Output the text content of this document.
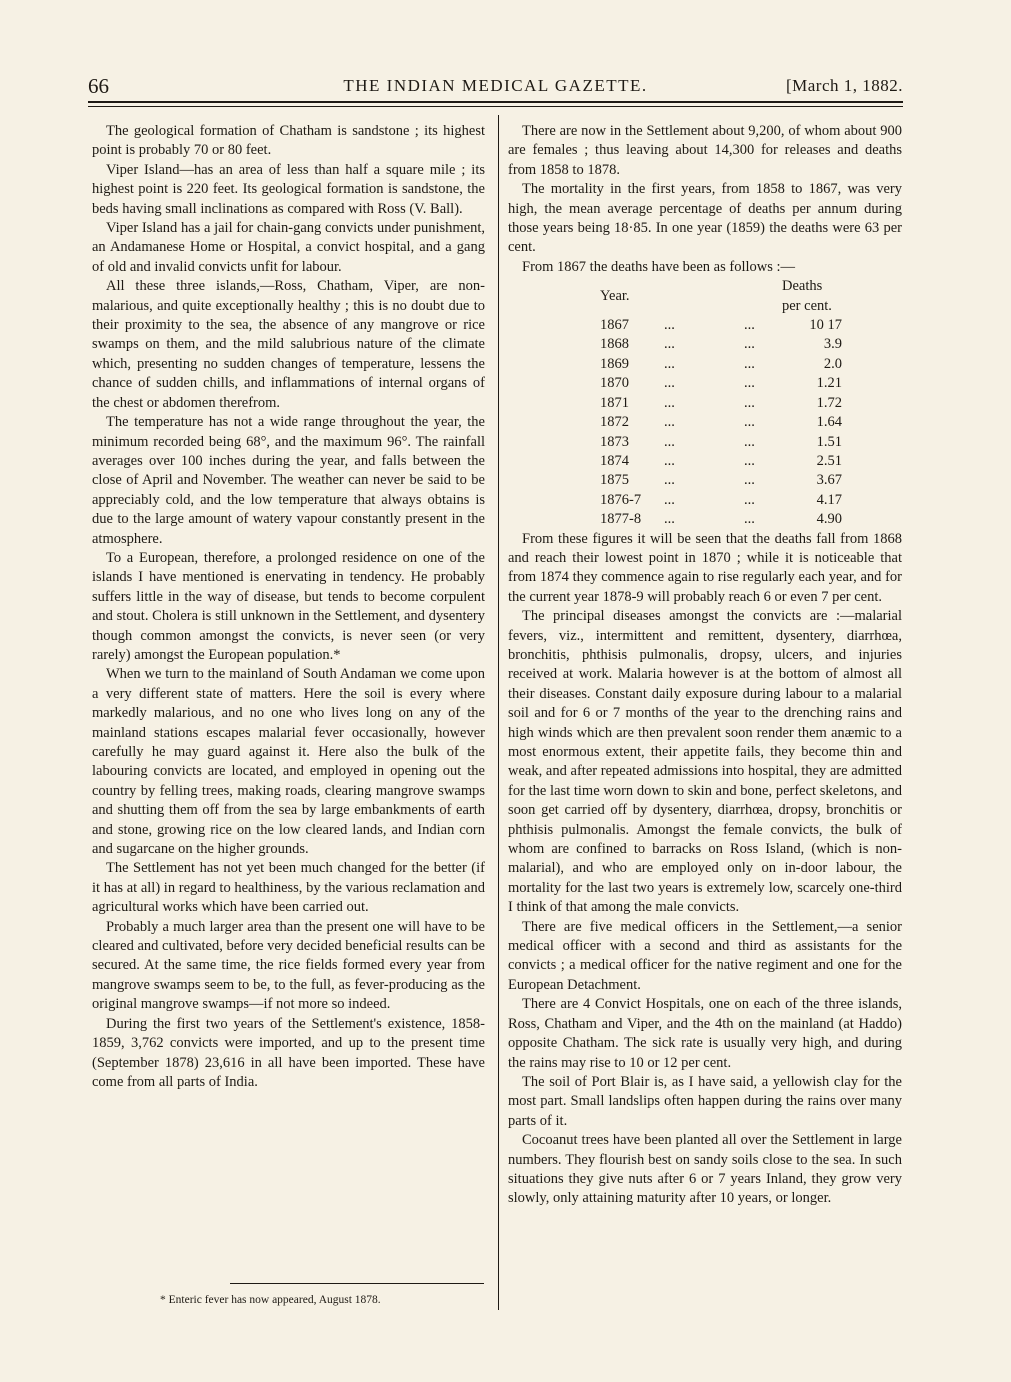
66	THE INDIAN MEDICAL GAZETTE.	[March 1, 1882.

The geological formation of Chatham is sandstone ; its highest point is probably 70 or 80 feet.

Viper Island—has an area of less than half a square mile ; its highest point is 220 feet. Its geological formation is sandstone, the beds having small inclinations as compared with Ross (V. Ball).

Viper Island has a jail for chain-gang convicts under punishment, an Andamanese Home or Hospital, a convict hospital, and a gang of old and invalid convicts unfit for labour.

All these three islands,—Ross, Chatham, Viper, are non-malarious, and quite exceptionally healthy ; this is no doubt due to their proximity to the sea, the absence of any mangrove or rice swamps on them, and the mild salubrious nature of the climate which, presenting no sudden changes of temperature, lessens the chance of sudden chills, and inflammations of internal organs of the chest or abdomen therefrom.

The temperature has not a wide range throughout the year, the minimum recorded being 68°, and the maximum 96°. The rainfall averages over 100 inches during the year, and falls between the close of April and November. The weather can never be said to be appreciably cold, and the low temperature that always obtains is due to the large amount of watery vapour constantly present in the atmosphere.

To a European, therefore, a prolonged residence on one of the islands I have mentioned is enervating in tendency. He probably suffers little in the way of disease, but tends to become corpulent and stout. Cholera is still unknown in the Settlement, and dysentery though common amongst the convicts, is never seen (or very rarely) amongst the European population.*

When we turn to the mainland of South Andaman we come upon a very different state of matters. Here the soil is every where markedly malarious, and no one who lives long on any of the mainland stations escapes malarial fever occasionally, however carefully he may guard against it. Here also the bulk of the labouring convicts are located, and employed in opening out the country by felling trees, making roads, clearing mangrove swamps and shutting them off from the sea by large embankments of earth and stone, growing rice on the low cleared lands, and Indian corn and sugarcane on the higher grounds.

The Settlement has not yet been much changed for the better (if it has at all) in regard to healthiness, by the various reclamation and agricultural works which have been carried out.

Probably a much larger area than the present one will have to be cleared and cultivated, before very decided beneficial results can be secured. At the same time, the rice fields formed every year from mangrove swamps seem to be, to the full, as fever-producing as the original mangrove swamps—if not more so indeed.

During the first two years of the Settlement's existence, 1858-1859, 3,762 convicts were imported, and up to the present time (September 1878) 23,616 in all have been imported. These have come from all parts of India.

* Enteric fever has now appeared, August 1878.

There are now in the Settlement about 9,200, of whom about 900 are females ; thus leaving about 14,300 for releases and deaths from 1858 to 1878.

The mortality in the first years, from 1858 to 1867, was very high, the mean average percentage of deaths per annum during those years being 18·85. In one year (1859) the deaths were 63 per cent.

From 1867 the deaths have been as follows :—

Year.			Deaths per cent.
1867	...	...	10 17
1868	...	...	3.9
1869	...	...	2.0
1870	...	...	1.21
1871	...	...	1.72
1872	...	...	1.64
1873	...	...	1.51
1874	...	...	2.51
1875	...	...	3.67
1876-7	...	...	4.17
1877-8	...	...	4.90

From these figures it will be seen that the deaths fall from 1868 and reach their lowest point in 1870 ; while it is noticeable that from 1874 they commence again to rise regularly each year, and for the current year 1878-9 will probably reach 6 or even 7 per cent.

The principal diseases amongst the convicts are :—malarial fevers, viz., intermittent and remittent, dysentery, diarrhœa, bronchitis, phthisis pulmonalis, dropsy, ulcers, and injuries received at work. Malaria however is at the bottom of almost all their diseases. Constant daily exposure during labour to a malarial soil and for 6 or 7 months of the year to the drenching rains and high winds which are then prevalent soon render them anæmic to a most enormous extent, their appetite fails, they become thin and weak, and after repeated admissions into hospital, they are admitted for the last time worn down to skin and bone, perfect skeletons, and soon get carried off by dysentery, diarrhœa, dropsy, bronchitis or phthisis pulmonalis. Amongst the female convicts, the bulk of whom are confined to barracks on Ross Island, (which is non-malarial), and who are employed only on in-door labour, the mortality for the last two years is extremely low, scarcely one-third I think of that among the male convicts.

There are five medical officers in the Settlement,—a senior medical officer with a second and third as assistants for the convicts ; a medical officer for the native regiment and one for the European Detachment.

There are 4 Convict Hospitals, one on each of the three islands, Ross, Chatham and Viper, and the 4th on the mainland (at Haddo) opposite Chatham. The sick rate is usually very high, and during the rains may rise to 10 or 12 per cent.

The soil of Port Blair is, as I have said, a yellowish clay for the most part. Small landslips often happen during the rains over many parts of it.

Cocoanut trees have been planted all over the Settlement in large numbers. They flourish best on sandy soils close to the sea. In such situations they give nuts after 6 or 7 years Inland, they grow very slowly, only attaining maturity after 10 years, or longer.
